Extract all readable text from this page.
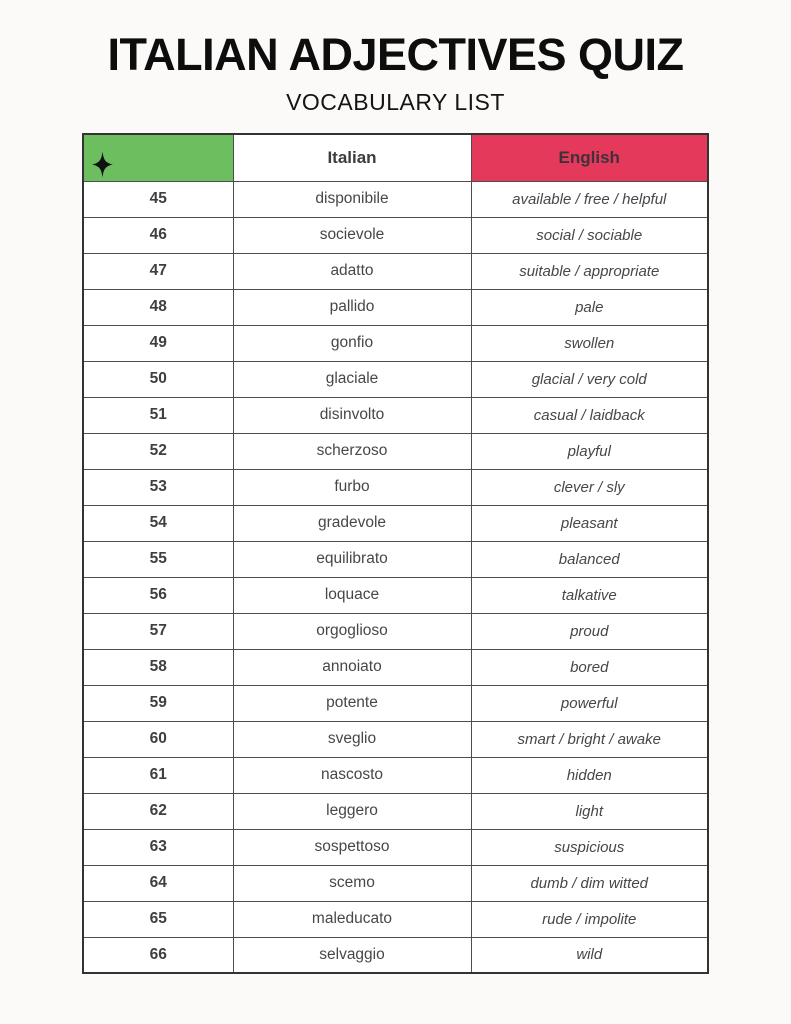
ITALIAN ADJECTIVES QUIZ
VOCABULARY LIST
	Italian	English
45	disponibile	available / free / helpful
46	socievole	social / sociable
47	adatto	suitable / appropriate
48	pallido	pale
49	gonfio	swollen
50	glaciale	glacial / very cold
51	disinvolto	casual / laidback
52	scherzoso	playful
53	furbo	clever / sly
54	gradevole	pleasant
55	equilibrato	balanced
56	loquace	talkative
57	orgoglioso	proud
58	annoiato	bored
59	potente	powerful
60	sveglio	smart / bright / awake
61	nascosto	hidden
62	leggero	light
63	sospettoso	suspicious
64	scemo	dumb / dim witted
65	maleducato	rude / impolite
66	selvaggio	wild
